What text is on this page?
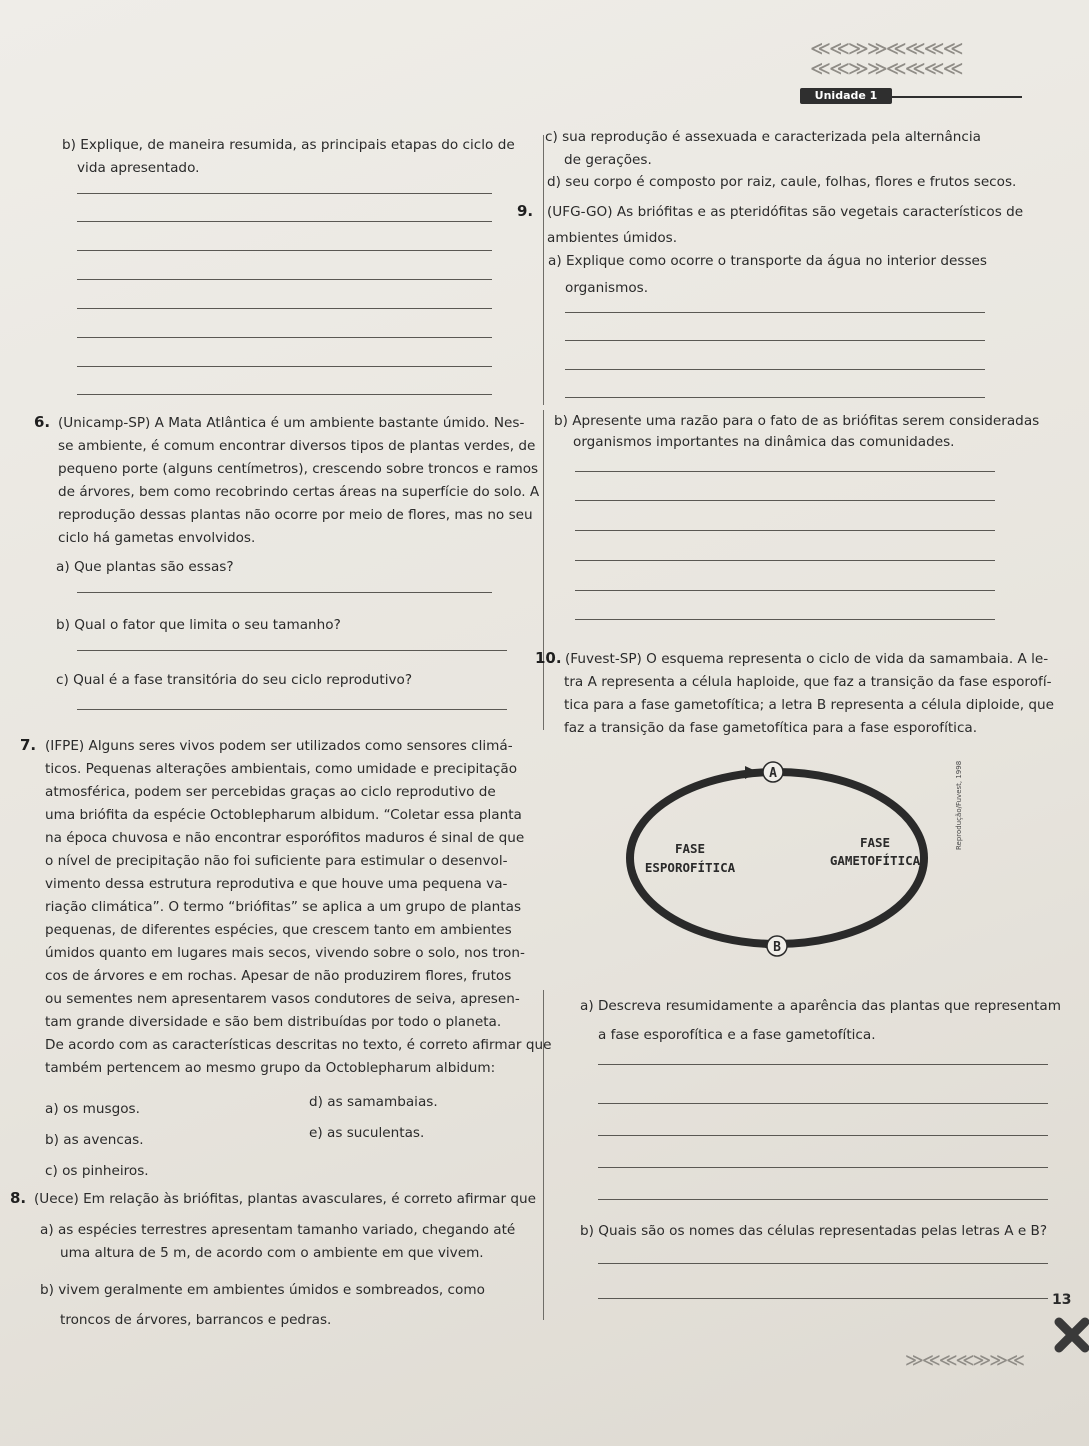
≪≪≫≫≪≪≪≪ ≪≪≫≫≪≪≪≪
Unidade 1
b) Explique, de maneira resumida, as principais etapas do ciclo de
vida apresentado.
6. (Unicamp-SP) A Mata Atlântica é um ambiente bastante úmido. Nes-
se ambiente, é comum encontrar diversos tipos de plantas verdes, de
pequeno porte (alguns centímetros), crescendo sobre troncos e ramos
de árvores, bem como recobrindo certas áreas na superfície do solo. A
reprodução dessas plantas não ocorre por meio de flores, mas no seu
ciclo há gametas envolvidos.
a) Que plantas são essas?
b) Qual o fator que limita o seu tamanho?
c) Qual é a fase transitória do seu ciclo reprodutivo?
7. (IFPE) Alguns seres vivos podem ser utilizados como sensores climá-
ticos. Pequenas alterações ambientais, como umidade e precipitação
atmosférica, podem ser percebidas graças ao ciclo reprodutivo de
uma briófita da espécie Octoblepharum albidum. “Coletar essa planta
na época chuvosa e não encontrar esporófitos maduros é sinal de que
o nível de precipitação não foi suficiente para estimular o desenvol-
vimento dessa estrutura reprodutiva e que houve uma pequena va-
riação climática”. O termo “briófitas” se aplica a um grupo de plantas
pequenas, de diferentes espécies, que crescem tanto em ambientes
úmidos quanto em lugares mais secos, vivendo sobre o solo, nos tron-
cos de árvores e em rochas. Apesar de não produzirem flores, frutos
ou sementes nem apresentarem vasos condutores de seiva, apresen-
tam grande diversidade e são bem distribuídas por todo o planeta.
De acordo com as características descritas no texto, é correto afirmar que
também pertencem ao mesmo grupo da Octoblepharum albidum:
a) os musgos.	d) as samambaias.
b) as avencas.	e) as suculentas.
c) os pinheiros.
8. (Uece) Em relação às briófitas, plantas avasculares, é correto afirmar que
a) as espécies terrestres apresentam tamanho variado, chegando até
uma altura de 5 m, de acordo com o ambiente em que vivem.
b) vivem geralmente em ambientes úmidos e sombreados, como
troncos de árvores, barrancos e pedras.
c) sua reprodução é assexuada e caracterizada pela alternância
de gerações.
d) seu corpo é composto por raiz, caule, folhas, flores e frutos secos.
9. (UFG-GO) As briófitas e as pteridófitas são vegetais característicos de
ambientes úmidos.
a) Explique como ocorre o transporte da água no interior desses
organismos.
b) Apresente uma razão para o fato de as briófitas serem consideradas
organismos importantes na dinâmica das comunidades.
10. (Fuvest-SP) O esquema representa o ciclo de vida da samambaia. A le-
tra A representa a célula haploide, que faz a transição da fase esporofí-
tica para a fase gametofítica; a letra B representa a célula diploide, que
faz a transição da fase gametofítica para a fase esporofítica.
A
B
FASE
ESPOROFÍTICA
FASE
GAMETOFÍTICA
Reprodução/Fuvest, 1998
a) Descreva resumidamente a aparência das plantas que representam
a fase esporofítica e a fase gametofítica.
b) Quais são os nomes das células representadas pelas letras A e B?
13
≫≪≪≪≫≫≪
